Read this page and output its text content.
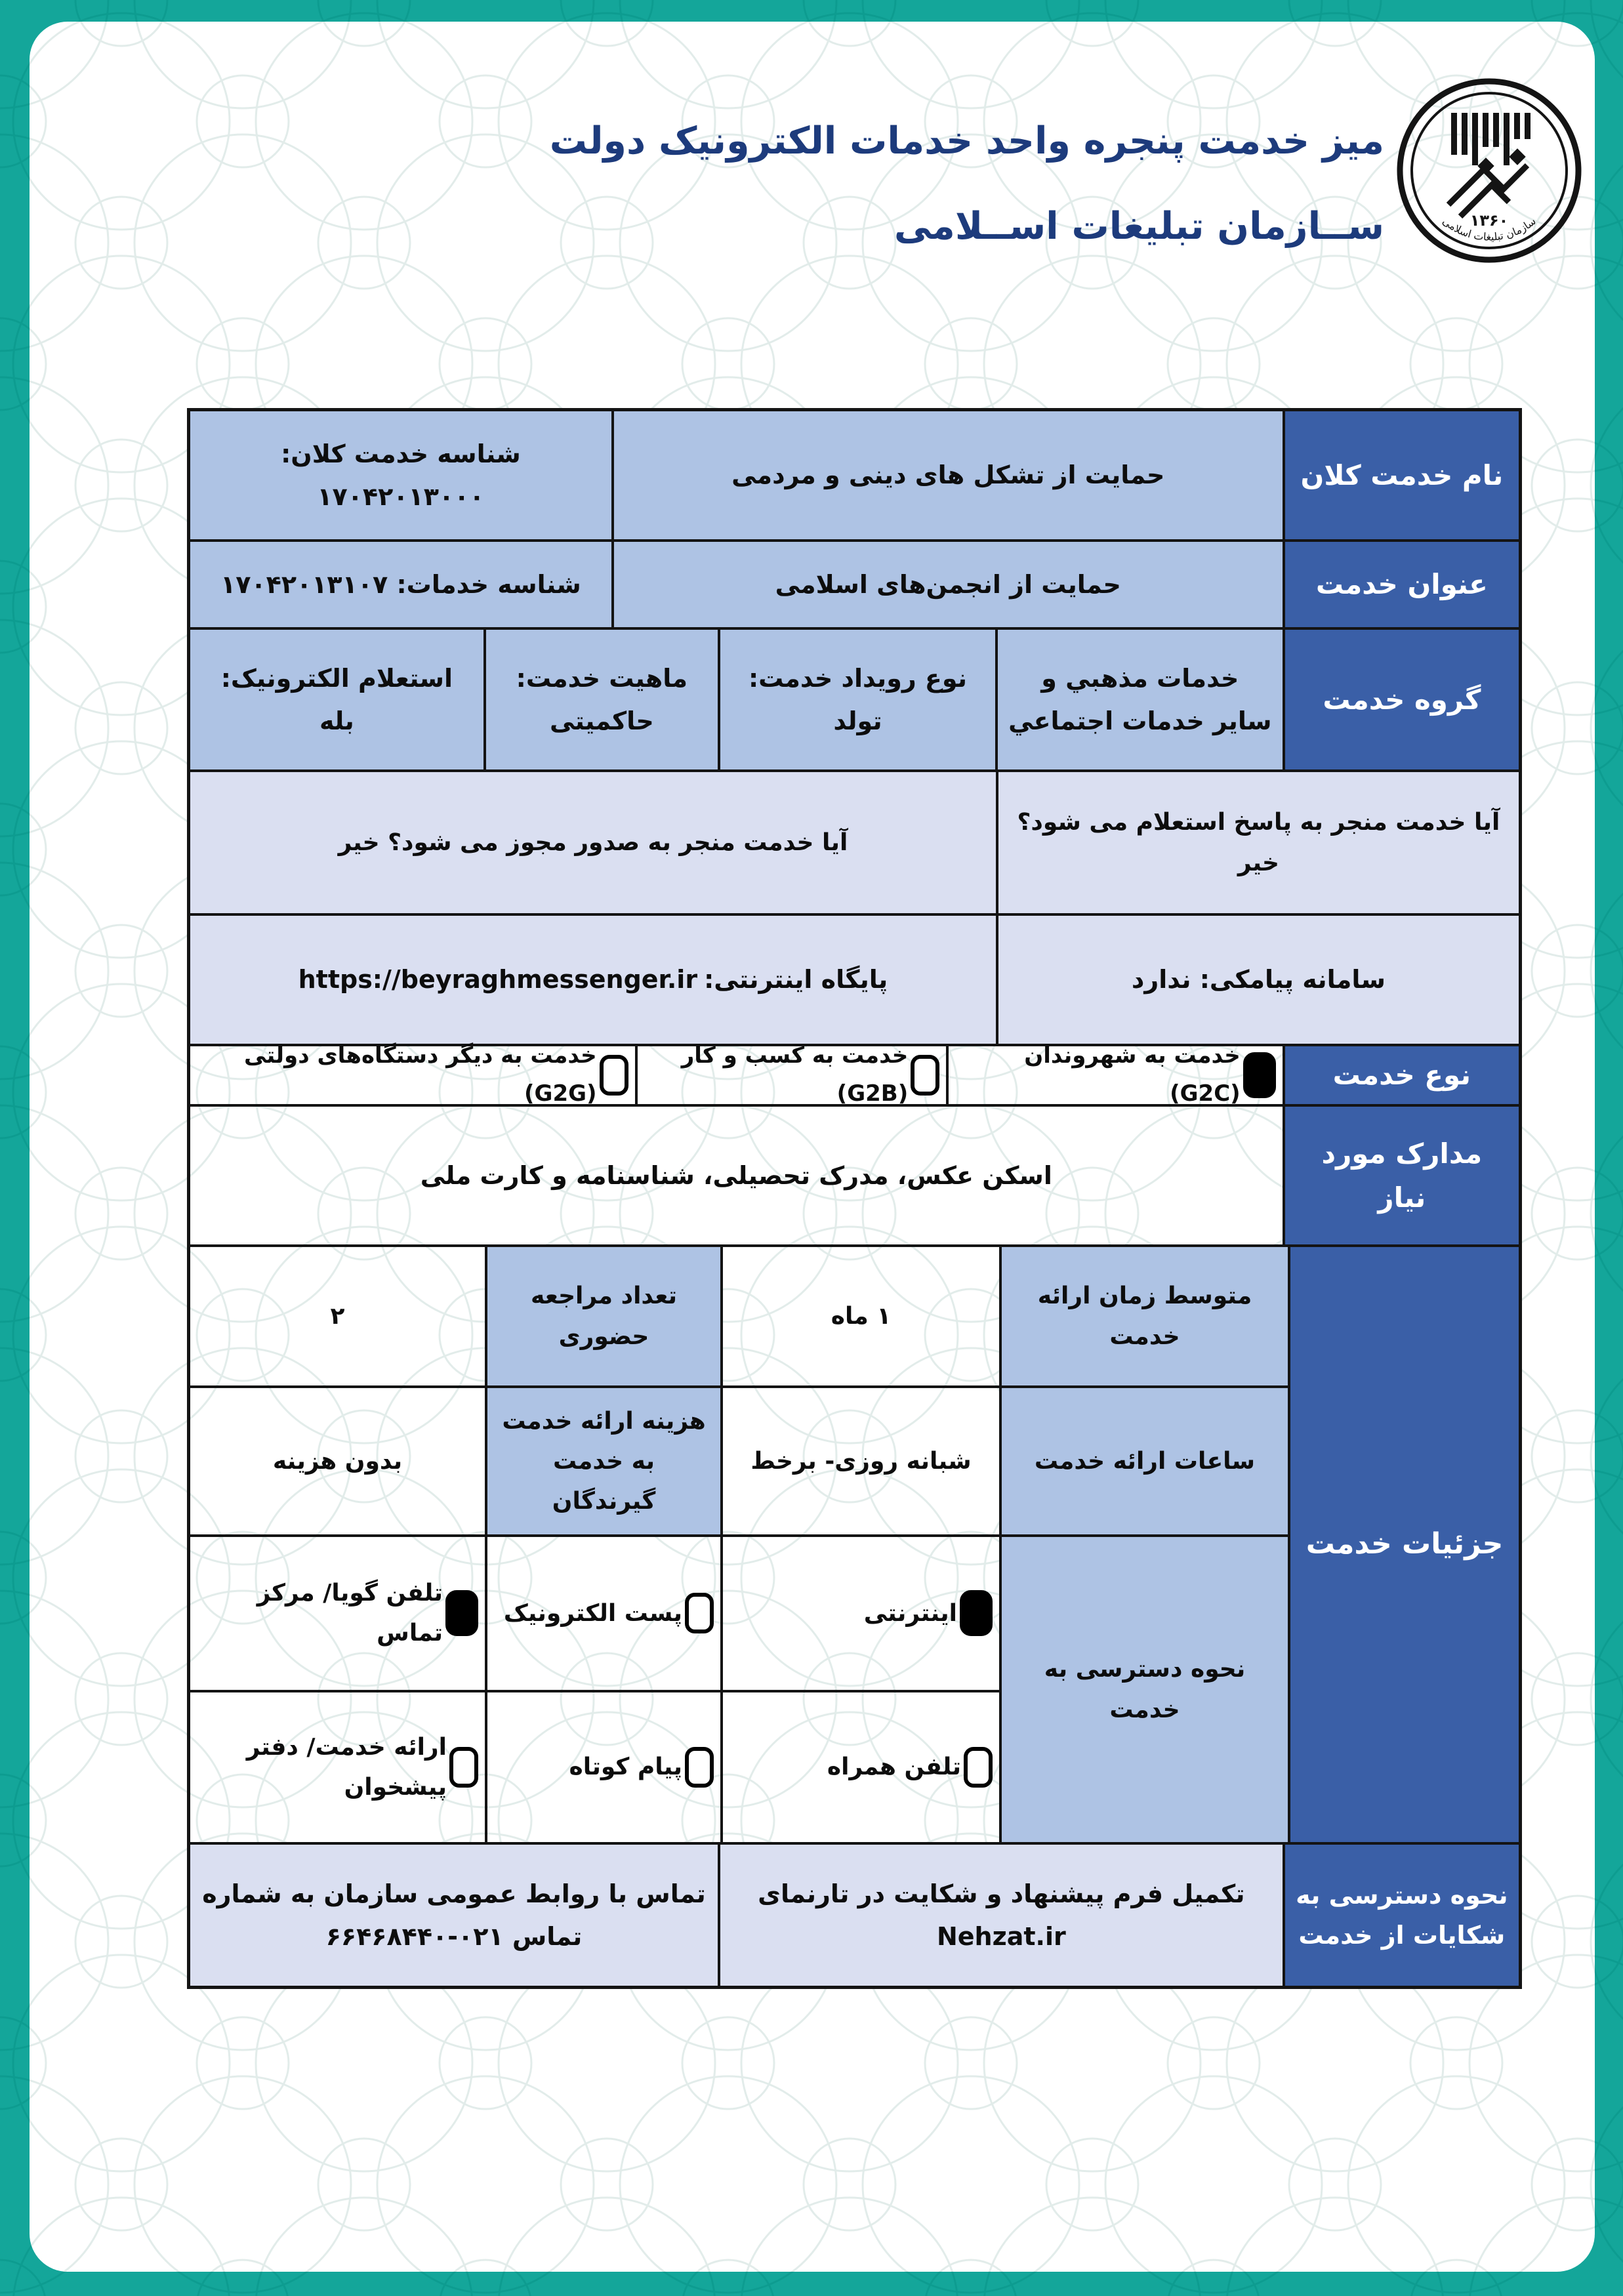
میز خدمت پنجره واحد خدمات الکترونیک دولت
ســازمان تبلیغات اســلامی	۱۳۶۰
سازمان تبلیغات اسلامی
نام خدمت کلان
حمایت از تشکل های دینی و مردمی
شناسه خدمت کلان: ۱۷۰۴۲۰۱۳۰۰۰
عنوان خدمت
حمایت از انجمن‌های اسلامی
شناسه خدمات: ۱۷۰۴۲۰۱۳۱۰۷
گروه خدمت
خدمات مذهبي و سایر خدمات اجتماعي
نوع رویداد خدمت: تولد
ماهیت خدمت: حاکمیتی
استعلام الکترونیک: بله
آیا خدمت منجر به پاسخ استعلام می شود؟ خیر
آیا خدمت منجر به صدور مجوز می شود؟ خیر
سامانه پیامکی: ندارد
پایگاه اینترنتی:
https://beyraghmessenger.ir
نوع خدمت
خدمت به شهروندان (G2C)
خدمت به کسب و کار (G2B)
خدمت به دیگر دستگاه‌های دولتی (G2G)
مدارک مورد نیاز
اسکن عکس، مدرک تحصیلی، شناسنامه و کارت ملی
جزئیات خدمت
متوسط زمان ارائه خدمت
۱ ماه
تعداد مراجعه حضوری
۲
ساعات ارائه خدمت
شبانه روزی- برخط
هزینه ارائه خدمت به خدمت گیرندگان
بدون هزینه
نحوه دسترسی به خدمت
اینترنتی
پست الکترونیک
تلفن گویا/ مرکز تماس
تلفن همراه
پیام کوتاه
ارائه خدمت/ دفتر پیشخوان
نحوه دسترسی به شکایات از خدمت
تکمیل فرم پیشنهاد و شکایت در تارنمای Nehzat.ir
تماس با روابط عمومی سازمان به شماره تماس ۰۲۱-۶۶۴۶۸۴۴۰
